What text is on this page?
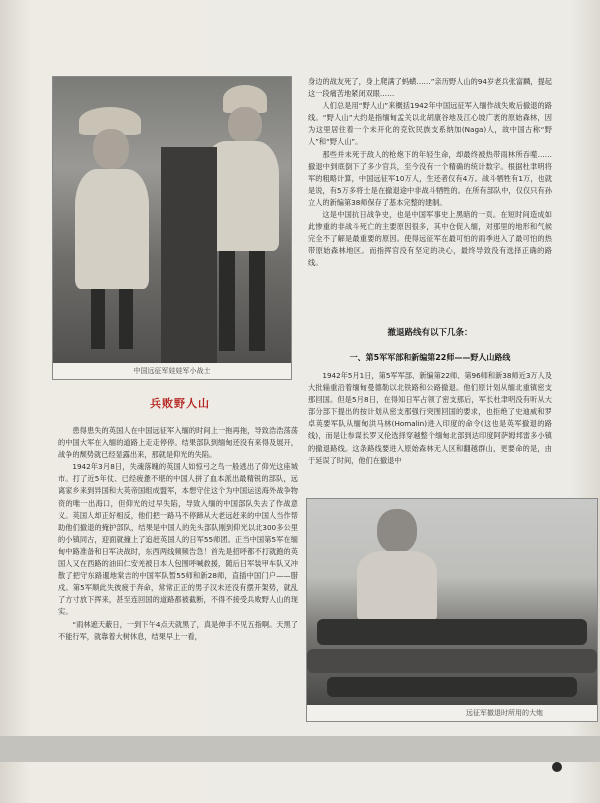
中国远征军娃娃军小战士
兵败野人山

身边的战友死了，身上爬满了蚂蟥……”亲历野人山的94岁老兵张富麟，提起这一段痛苦地紧闭双眼……

人们总是用“野人山”来概括1942年中国远征军入缅作战失败后撤退的路线。“野人山”大约是指缅甸孟关以北胡康谷地及江心坡广袤的原始森林，因为这里居住着一个未开化的克钦民族支系纳加(Naga)人，故中国古称“野人”和“野人山”。

那些并未死于敌人的枪炮下的年轻生命，却最终被热带雨林所吞噬……撤退中到底倒下了多少官兵，至今没有一个精确的统计数字。根据杜聿明将军的粗略计算，中国远征军10万人，生还者仅有4万。战斗牺牲有1万，也就是说，有5万多将士是在撤退途中非战斗牺牲的。在所有部队中，仅仅只有孙立人的新编第38师保存了基本完整的建制。

这是中国抗日战争史，也是中国军事史上黑暗的一页。在短时间造成如此惨重的非战斗死亡的主要原因很多，其中仓促入缅，对那里的地形和气候完全不了解是最重要的原因。使得远征军在最可怕的雨季进入了最可怕的热带原始森林地区。而指挥官没有坚定的决心，最终导致没有选择正确的路线。

撤退路线有以下几条：
一、第5军军部和新编第22师——野人山路线

1942年5月1日，第5军军部、新编第22师、第96师和新38师近3万人及大批辎重沿着缅甸曼德勒以北铁路和公路撤退。他们原计划从缅北重镇密支那回国。但是5月8日，在得知日军占领了密支那后，军长杜聿明没有听从大部分部下提出的按计划从密支那强行突围回国的要求，也拒绝了史迪威和罗卓英要军队从缅甸洪马林(Homalin)进入印度的命令(这也是英军撤退的路线)，而是让参谋长罗又伦选择穿越整个缅甸北部到达印度阿萨姆邦雷多小镇的撤退路线。这条路线要进入原始森林无人区和翻越群山，更要命的是，由于延误了时间，他们在撤退中

患得患失的英国人在中国远征军入缅的时间上一拖再拖，导致浩浩荡荡的中国大军在入缅的道路上走走停停。结果部队到缅甸还没有来得及展开，战争的颓势就已经显露出来，那就是仰光的失陷。

1942年3月8日，失魂落魄的英国人如惊弓之鸟一般逃出了仰光这座城市。打了近5年仗、已经疲惫不堪的中国人拼了血本派出最精锐的部队，远离家乡来到异国和大英帝国组成盟军，本想守住这个为中国运送海外战争物资的唯一出海口，但仰光的过早失陷，导致入缅的中国部队失去了作战意义。英国人却正好相反，他们把一路马不停蹄从大老远赶来的中国人当作帮助他们撤退的掩护部队，结果是中国人的先头部队刚到仰光以北300多公里的小镇同古，迎面就撞上了追赶英国人的日军55师团。正当中国第5军在缅甸中路准备和日军决战时，东西两线频频告急！首先是招呼都不打就跑的英国人又在西路的油田仁安羌被日本人包围呼喊救援，随后日军装甲车队又冲散了把守东路暹地棠吉的中国军队暂55师和新28师，直插中国门户——腊戍。第5军顺此失彼疲于奔命，常常正正的男子汉未还没有摆开架势，就乱了方寸放下挥来，甚至连回国的道路都被截断，不得不接受兵败野人山的现实。

“雨林遮天蔽日，一到下午4点天就黑了，真是伸手不见五指啊。天黑了不能行军，就靠着大树休息，结果早上一看，

远征军撤退时所用的大炮
